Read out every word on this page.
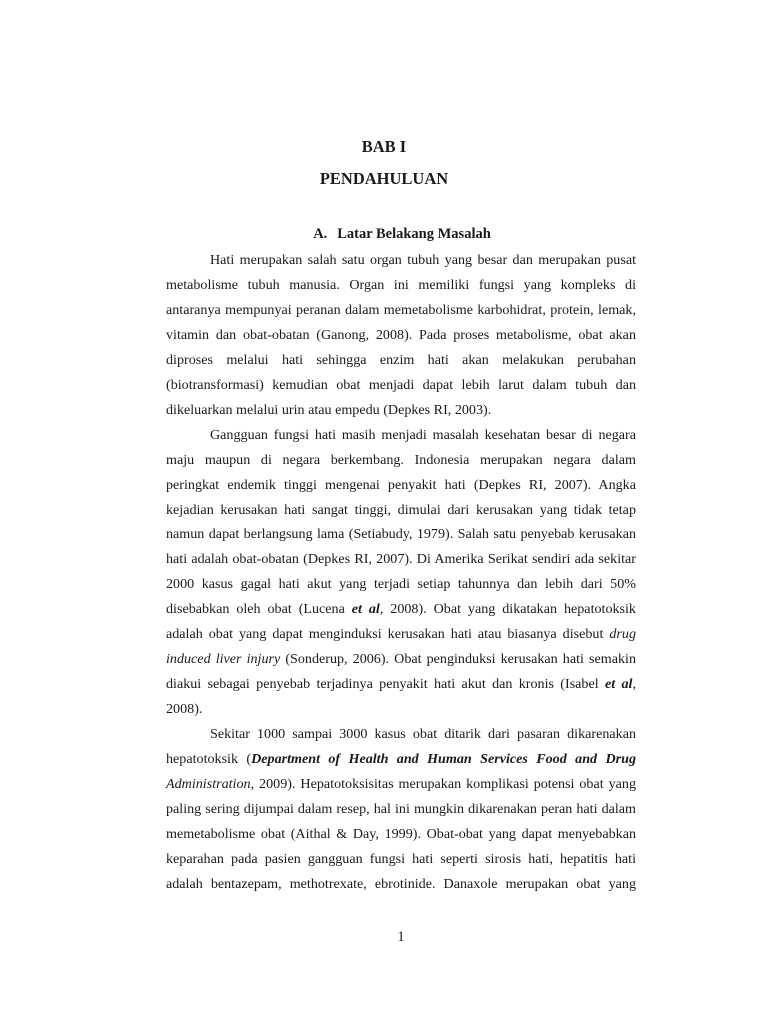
BAB I
PENDAHULUAN
A. Latar Belakang Masalah
Hati merupakan salah satu organ tubuh yang besar dan merupakan pusat
metabolisme tubuh manusia. Organ ini memiliki fungsi yang kompleks di
antaranya mempunyai peranan dalam memetabolisme karbohidrat, protein, lemak,
vitamin dan obat-obatan (Ganong, 2008). Pada proses metabolisme, obat akan
diproses melalui hati sehingga enzim hati akan melakukan perubahan
(biotransformasi) kemudian obat menjadi dapat lebih larut dalam tubuh dan
dikeluarkan melalui urin atau empedu (Depkes RI, 2003).
Gangguan fungsi hati masih menjadi masalah kesehatan besar di negara
maju maupun di negara berkembang. Indonesia merupakan negara dalam
peringkat endemik tinggi mengenai penyakit hati (Depkes RI, 2007). Angka
kejadian kerusakan hati sangat tinggi, dimulai dari kerusakan yang tidak tetap
namun dapat berlangsung lama (Setiabudy, 1979). Salah satu penyebab kerusakan
hati adalah obat-obatan (Depkes RI, 2007). Di Amerika Serikat sendiri ada sekitar
2000 kasus gagal hati akut yang terjadi setiap tahunnya dan lebih dari 50%
disebabkan oleh obat (Lucena et al, 2008). Obat yang dikatakan hepatotoksik
adalah obat yang dapat menginduksi kerusakan hati atau biasanya disebut drug
induced liver injury (Sonderup, 2006). Obat penginduksi kerusakan hati semakin
diakui sebagai penyebab terjadinya penyakit hati akut dan kronis (Isabel et al,
2008).
Sekitar 1000 sampai 3000 kasus obat ditarik dari pasaran dikarenakan
hepatotoksik (Department of Health and Human Services Food and Drug
Administration, 2009). Hepatotoksisitas merupakan komplikasi potensi obat yang
paling sering dijumpai dalam resep, hal ini mungkin dikarenakan peran hati dalam
memetabolisme obat (Aithal & Day, 1999). Obat-obat yang dapat menyebabkan
keparahan pada pasien gangguan fungsi hati seperti sirosis hati, hepatitis hati
adalah bentazepam, methotrexate, ebrotinide. Danaxole merupakan obat yang

1
